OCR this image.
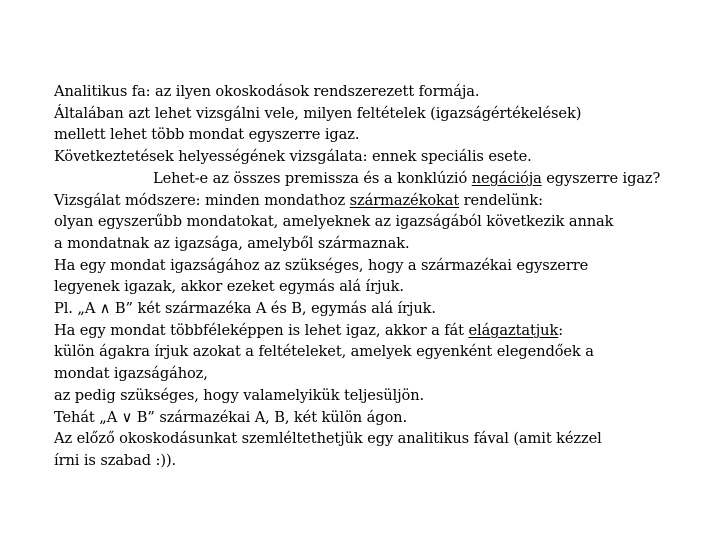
Analitikus fa: az ilyen okoskodások rendszerezett formája.
Általában azt lehet vizsgálni vele, milyen feltételek (igazságértékelések)
mellett lehet több mondat egyszerre igaz.
Következtetések helyességének vizsgálata: ennek speciális esete.
Lehet-e az összes premissza és a konklúzió negációja egyszerre igaz?
Vizsgálat módszere: minden mondathoz származékokat rendelünk:
olyan egyszerűbb mondatokat, amelyeknek az igazságából következik annak
a mondatnak az igazsága, amelyből származnak.
Ha egy mondat igazságához az szükséges, hogy a származékai egyszerre
legyenek igazak, akkor ezeket egymás alá írjuk.
Pl. „A ∧ B” két származéka A és B, egymás alá írjuk.
Ha egy mondat többféleképpen is lehet igaz, akkor a fát elágaztatjuk:
külön ágakra írjuk azokat a feltételeket, amelyek egyenként elegendőek a
mondat igazságához,
az pedig szükséges, hogy valamelyikük teljesüljön.
Tehát „A ∨ B” származékai A, B, két külön ágon.
Az előző okoskodásunkat szemléltethetjük egy analitikus fával (amit kézzel
írni is szabad :)).
